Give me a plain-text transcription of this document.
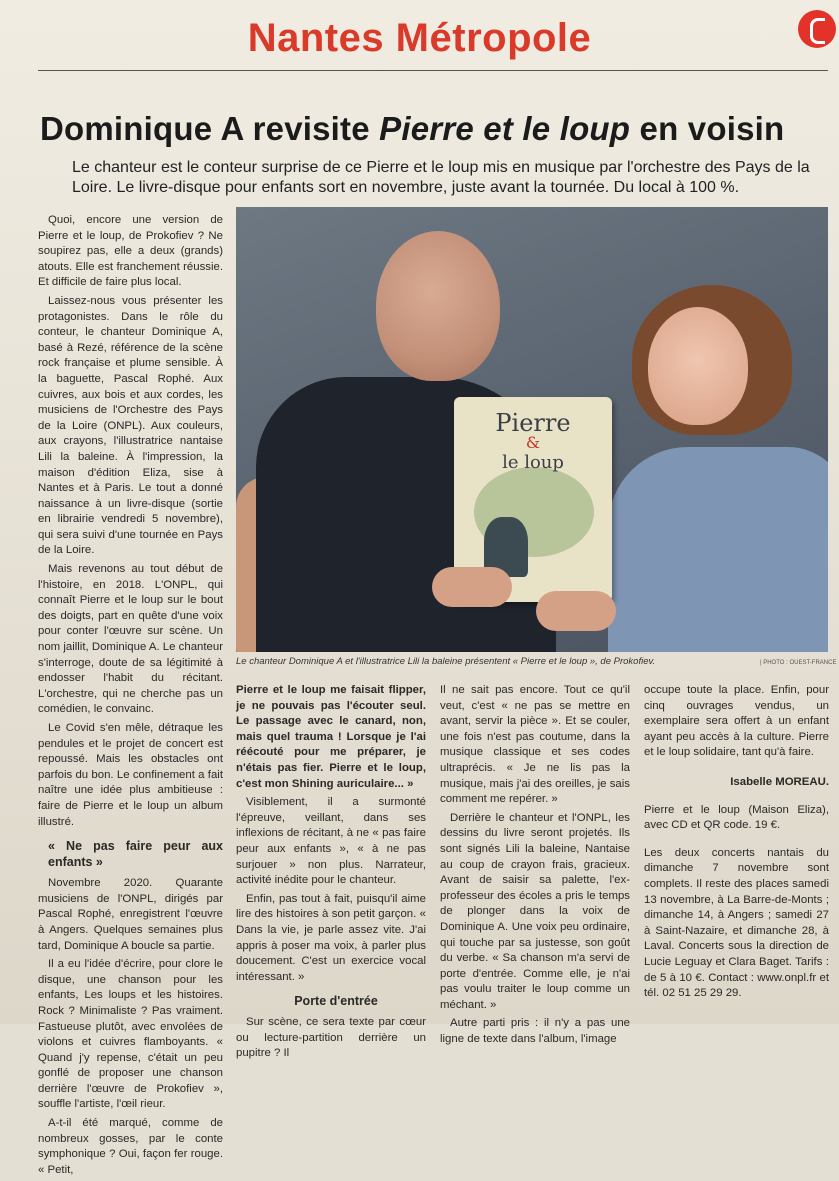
Nantes Métropole
Dominique A revisite Pierre et le loup en voisin
Le chanteur est le conteur surprise de ce Pierre et le loup mis en musique par l'orchestre des Pays de la Loire. Le livre-disque pour enfants sort en novembre, juste avant la tournée. Du local à 100 %.

Quoi, encore une version de Pierre et le loup, de Prokofiev ? Ne soupirez pas, elle a deux (grands) atouts. Elle est franchement réussie. Et difficile de faire plus local.

Laissez-nous vous présenter les protagonistes. Dans le rôle du conteur, le chanteur Dominique A, basé à Rezé, référence de la scène rock française et plume sensible. À la baguette, Pascal Rophé. Aux cuivres, aux bois et aux cordes, les musiciens de l'Orchestre des Pays de la Loire (ONPL). Aux couleurs, aux crayons, l'illustratrice nantaise Lili la baleine. À l'impression, la maison d'édition Eliza, sise à Nantes et à Paris. Le tout a donné naissance à un livre-disque (sortie en librairie vendredi 5 novembre), qui sera suivi d'une tournée en Pays de la Loire.

Mais revenons au tout début de l'histoire, en 2018. L'ONPL, qui connaît Pierre et le loup sur le bout des doigts, part en quête d'une voix pour conter l'œuvre sur scène. Un nom jaillit, Dominique A. Le chanteur s'interroge, doute de sa légitimité à endosser l'habit du récitant. L'orchestre, qui ne cherche pas un comédien, le convainc.

Le Covid s'en mêle, détraque les pendules et le projet de concert est repoussé. Mais les obstacles ont parfois du bon. Le confinement a fait naître une idée plus ambitieuse : faire de Pierre et le loup un album illustré.

« Ne pas faire peur aux enfants »

Novembre 2020. Quarante musiciens de l'ONPL, dirigés par Pascal Rophé, enregistrent l'œuvre à Angers. Quelques semaines plus tard, Dominique A boucle sa partie.

Il a eu l'idée d'écrire, pour clore le disque, une chanson pour les enfants, Les loups et les histoires. Rock ? Minimaliste ? Pas vraiment. Fastueuse plutôt, avec envolées de violons et cuivres flamboyants. « Quand j'y repense, c'était un peu gonflé de proposer une chanson derrière l'œuvre de Prokofiev », souffle l'artiste, l'œil rieur.

A-t-il été marqué, comme de nombreux gosses, par le conte symphonique ? Oui, façon fer rouge. « Petit,

Pierre
&
le loup
Le chanteur Dominique A et l'illustratrice Lili la baleine présentent « Pierre et le loup », de Prokofiev.	| PHOTO : OUEST-FRANCE

Pierre et le loup me faisait flipper, je ne pouvais pas l'écouter seul. Le passage avec le canard, non, mais quel trauma ! Lorsque je l'ai réécouté pour me préparer, je n'étais pas fier. Pierre et le loup, c'est mon Shining auriculaire... »

Visiblement, il a surmonté l'épreuve, veillant, dans ses inflexions de récitant, à ne « pas faire peur aux enfants », « à ne pas surjouer » non plus. Narrateur, activité inédite pour le chanteur.

Enfin, pas tout à fait, puisqu'il aime lire des histoires à son petit garçon. « Dans la vie, je parle assez vite. J'ai appris à poser ma voix, à parler plus doucement. C'est un exercice vocal intéressant. »

Porte d'entrée

Sur scène, ce sera texte par cœur ou lecture-partition derrière un pupitre ? Il

Il ne sait pas encore. Tout ce qu'il veut, c'est « ne pas se mettre en avant, servir la pièce ». Et se couler, une fois n'est pas coutume, dans la musique classique et ses codes ultraprécis. « Je ne lis pas la musique, mais j'ai des oreilles, je sais comment me repérer. »

Derrière le chanteur et l'ONPL, les dessins du livre seront projetés. Ils sont signés Lili la baleine, Nantaise au coup de crayon frais, gracieux. Avant de saisir sa palette, l'ex-professeur des écoles a pris le temps de plonger dans la voix de Dominique A. Une voix peu ordinaire, qui touche par sa justesse, son goût du verbe. « Sa chanson m'a servi de porte d'entrée. Comme elle, je n'ai pas voulu traiter le loup comme un méchant. »

Autre parti pris : il n'y a pas une ligne de texte dans l'album, l'image

occupe toute la place. Enfin, pour cinq ouvrages vendus, un exemplaire sera offert à un enfant ayant peu accès à la culture. Pierre et le loup solidaire, tant qu'à faire.

Isabelle MOREAU.

Pierre et le loup (Maison Eliza), avec CD et QR code. 19 €.

Les deux concerts nantais du dimanche 7 novembre sont complets. Il reste des places samedi 13 novembre, à La Barre-de-Monts ; dimanche 14, à Angers ; samedi 27 à Saint-Nazaire, et dimanche 28, à Laval. Concerts sous la direction de Lucie Leguay et Clara Baget. Tarifs : de 5 à 10 €. Contact : www.onpl.fr et tél. 02 51 25 29 29.
